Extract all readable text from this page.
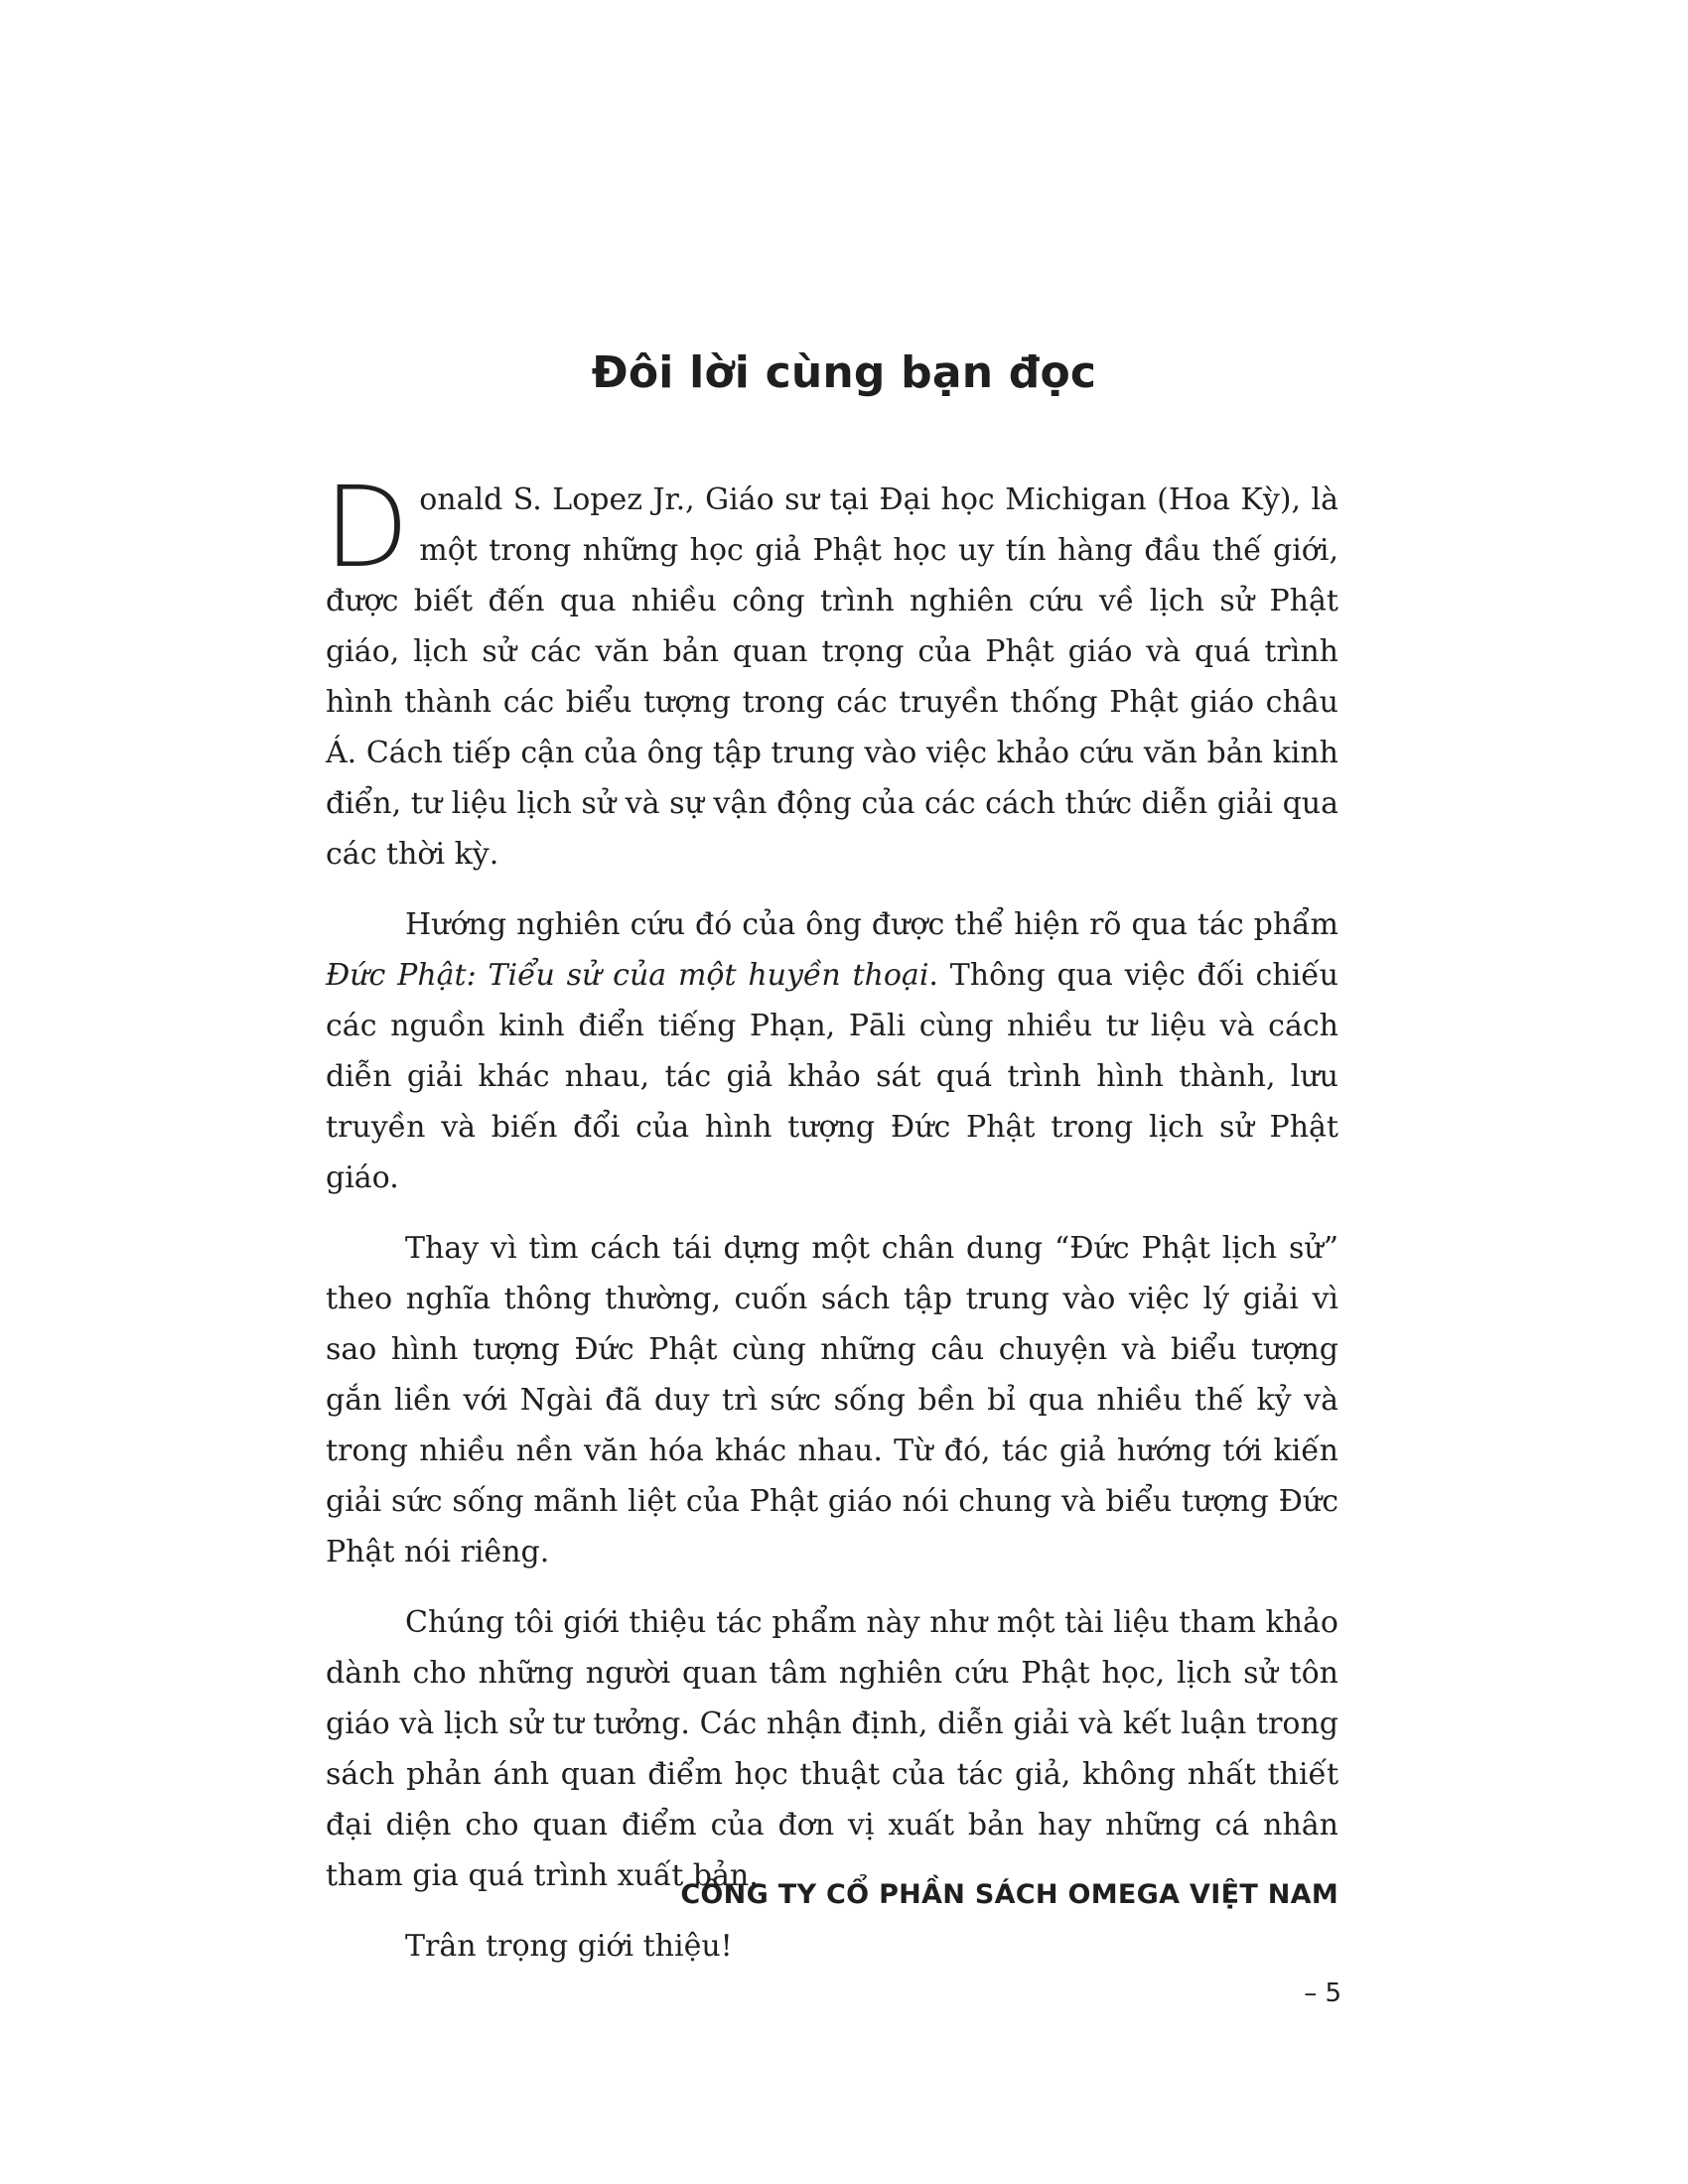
Đôi lời cùng bạn đọc

Donald S. Lopez Jr., Giáo sư tại Đại học Michigan (Hoa Kỳ), là một trong những học giả Phật học uy tín hàng đầu thế giới, được biết đến qua nhiều công trình nghiên cứu về lịch sử Phật giáo, lịch sử các văn bản quan trọng của Phật giáo và quá trình hình thành các biểu tượng trong các truyền thống Phật giáo châu Á. Cách tiếp cận của ông tập trung vào việc khảo cứu văn bản kinh điển, tư liệu lịch sử và sự vận động của các cách thức diễn giải qua các thời kỳ.

Hướng nghiên cứu đó của ông được thể hiện rõ qua tác phẩm Đức Phật: Tiểu sử của một huyền thoại. Thông qua việc đối chiếu các nguồn kinh điển tiếng Phạn, Pāli cùng nhiều tư liệu và cách diễn giải khác nhau, tác giả khảo sát quá trình hình thành, lưu truyền và biến đổi của hình tượng Đức Phật trong lịch sử Phật giáo.

Thay vì tìm cách tái dựng một chân dung “Đức Phật lịch sử” theo nghĩa thông thường, cuốn sách tập trung vào việc lý giải vì sao hình tượng Đức Phật cùng những câu chuyện và biểu tượng gắn liền với Ngài đã duy trì sức sống bền bỉ qua nhiều thế kỷ và trong nhiều nền văn hóa khác nhau. Từ đó, tác giả hướng tới kiến giải sức sống mãnh liệt của Phật giáo nói chung và biểu tượng Đức Phật nói riêng.

Chúng tôi giới thiệu tác phẩm này như một tài liệu tham khảo dành cho những người quan tâm nghiên cứu Phật học, lịch sử tôn giáo và lịch sử tư tưởng. Các nhận định, diễn giải và kết luận trong sách phản ánh quan điểm học thuật của tác giả, không nhất thiết đại diện cho quan điểm của đơn vị xuất bản hay những cá nhân tham gia quá trình xuất bản.

Trân trọng giới thiệu!

CÔNG TY CỔ PHẦN SÁCH OMEGA VIỆT NAM
– 5
